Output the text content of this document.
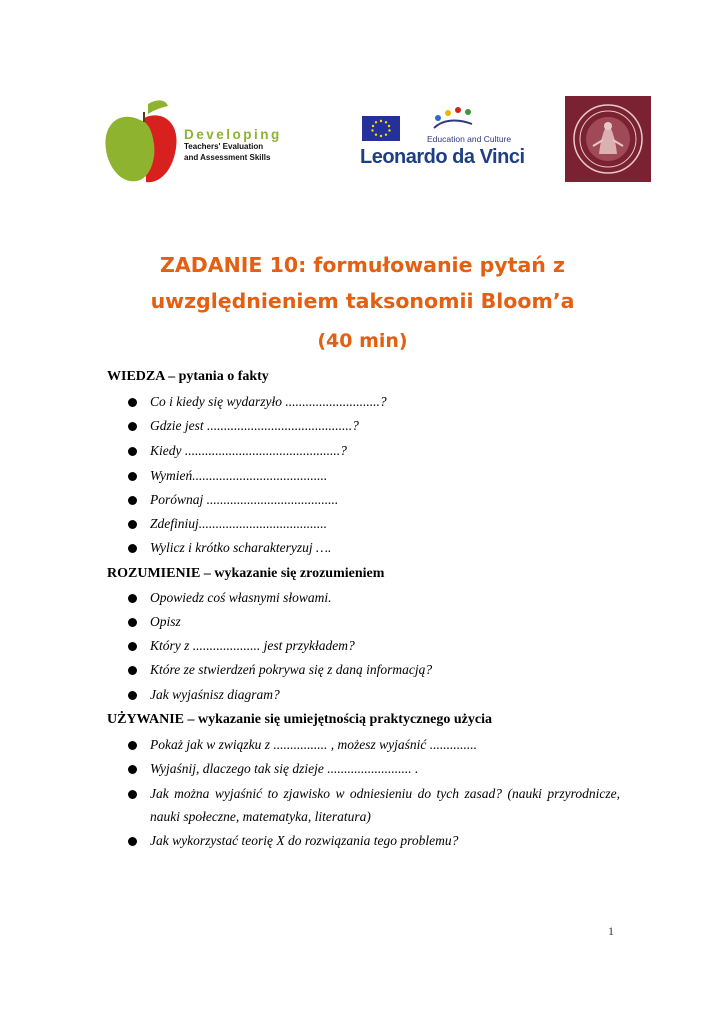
Developing
Teachers' Evaluation
and Assessment Skills
Education and Culture
Leonardo da Vinci
ZADANIE 10: formułowanie pytań z
uwzględnieniem taksonomii Bloom’a
(40 min)
WIEDZA – pytania o fakty
Co i kiedy się wydarzyło ............................?
Gdzie jest ...........................................?
Kiedy ..............................................?
Wymień........................................
Porównaj .......................................
Zdefiniuj......................................
Wylicz i krótko scharakteryzuj ….
ROZUMIENIE – wykazanie się zrozumieniem
Opowiedz coś własnymi słowami.
Opisz
Który z .................... jest przykładem?
Które ze stwierdzeń pokrywa się z daną informacją?
Jak wyjaśnisz diagram?
UŻYWANIE – wykazanie się umiejętnością praktycznego użycia
Pokaż jak w związku z ................ , możesz wyjaśnić ..............
Wyjaśnij, dlaczego tak się dzieje ......................... .
Jak można wyjaśnić to zjawisko w odniesieniu do tych zasad? (nauki przyrodnicze, nauki społeczne, matematyka, literatura)
Jak wykorzystać teorię X do rozwiązania tego problemu?
1
